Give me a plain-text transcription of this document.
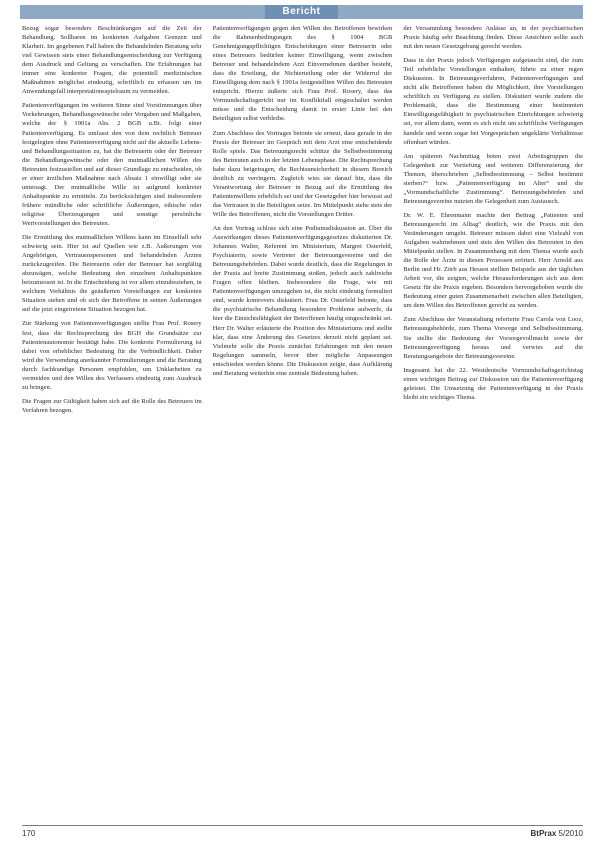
Bericht

Bezug sogar besonders Beschränkungen auf die Zeit der Behandlung. Sollbaren im konkreten Aufgaben Grenzen und Klarheit. Im gegebenen Fall haben die Behandelnden Beratung sehr viel Gewissen stets einer Behandlungsentscheidung zur Verfügung dem Ausdruck und Geltung zu verschaffen. Die Erfahrungen hat immer eine konkreter Fragen, die potentiell medizinischen Maßnahmen möglichst eindeutig, schriftlich zu erfassen um im Anwendungsfall interpretationsspielraum zu vermeiden.

Patientenverfügungen im weiteren Sinne sind Vorstimmungen über Vorkehrungen, Behandlungswünsche oder Vorgaben und Maßgaben, welche der § 1901a Abs. 2 BGB u.Bt. folgt einer Patientenverfügung. Es umfasst den von dem rechtlich Betreuer festgelegten ohne Patientenverfügung nicht auf die aktuelle Lebens- und Behandlungssituation zu, hat die Betreuerin oder der Betreuer die Behandlungswünsche oder den mutmaßlichen Willen des Betreuten festzustellen und auf dieser Grundlage zu entscheiden, ob er einer ärztlichen Maßnahme nach Absatz 1 einwilligt oder sie untersagt. Der mutmaßliche Wille ist aufgrund konkreter Anhaltspunkte zu ermitteln. Zu berücksichtigen sind insbesondere frühere mündliche oder schriftliche Äußerungen, ethische oder religiöse Überzeugungen und sonstige persönliche Wertvorstellungen des Betreuten.

Die Ermittlung des mutmaßlichen Willens kann im Einzelfall sehr schwierig sein. Hier ist auf Quellen wie z.B. Äußerungen von Angehörigen, Vertrauenspersonen und behandelnden Ärzten zurückzugreifen. Die Betreuerin oder der Betreuer hat sorgfältig abzuwägen, welche Bedeutung den einzelnen Anhaltspunkten beizumessen ist. In die Entscheidung ist vor allem einzubeziehen, in welchem Verhältnis die geäußerten Vorstellungen zur konkreten Situation stehen und ob sich der Betroffene in seinen Äußerungen auf die jetzt eingetretene Situation bezogen hat.

Zur Stärkung von Patientenverfügungen stellte Frau Prof. Rosery fest, dass die Rechtsprechung des BGH die Grundsätze zur Patientenautonomie bestätigt habe. Die konkrete Formulierung ist dabei von erheblicher Bedeutung für die Verbindlichkeit. Daher wird die Verwendung anerkannter Formulierungen und die Beratung durch fachkundige Personen empfohlen, um Unklarheiten zu vermeiden und den Willen des Verfassers eindeutig zum Ausdruck zu bringen.

Die Fragen zur Gültigkeit haben sich auf die Rolle des Betreuers im Verfahren bezogen.

Patientenverfügungen gegen den Willen des Betroffenen bewirken die Rahmenbedingungen des § 1904 BGB Genehmigungspflichtigen Entscheidungen einer Betreuerin oder eines Betreuers bedürfen keiner Einwilligung, wenn zwischen Betreuer und behandelndem Arzt Einvernehmen darüber besteht, dass die Erteilung, die Nichterteilung oder der Widerruf der Einwilligung dem nach § 1901a festgestellten Willen des Betreuten entspricht. Hierzu äußerte sich Frau Prof. Rosery, dass das Vormundschaftsgericht nur im Konfliktfall eingeschaltet werden müsse und die Entscheidung damit in erster Linie bei den Beteiligten selbst verbleibe.

Zum Abschluss des Vortrages betonte sie erneut, dass gerade in der Praxis der Betreuer im Gespräch mit dem Arzt eine entscheidende Rolle spiele. Das Betreuungsrecht schütze die Selbstbestimmung des Betreuten auch in der letzten Lebensphase. Die Rechtsprechung habe dazu beigetragen, die Rechtsunsicherheit in diesem Bereich deutlich zu verringern. Zugleich wies sie darauf hin, dass die Verantwortung der Betreuer in Bezug auf die Ermittlung des Patientenwillens erheblich sei und der Gesetzgeber hier bewusst auf das Vertrauen in die Beteiligten setze. Im Mittelpunkt stehe stets der Wille des Betroffenen, nicht die Vorstellungen Dritter.

An den Vortrag schloss sich eine Podiumsdiskussion an. Über die Auswirkungen dieses Patientenverfügungsgesetzes diskutierten Dr. Johannes Walter, Referent im Ministerium, Margret Osterfeld, Psychiaterin, sowie Vertreter der Betreuungsvereine und der Betreuungsbehörden. Dabei wurde deutlich, dass die Regelungen in der Praxis auf breite Zustimmung stoßen, jedoch auch zahlreiche Fragen offen bleiben. Insbesondere die Frage, wie mit Patientenverfügungen umzugehen ist, die nicht eindeutig formuliert sind, wurde kontrovers diskutiert. Frau Dr. Osterfeld betonte, dass die psychiatrische Behandlung besondere Probleme aufwerfe, da hier die Einsichtsfähigkeit der Betroffenen häufig eingeschränkt sei. Herr Dr. Walter erläuterte die Position des Ministeriums und stellte klar, dass eine Änderung des Gesetzes derzeit nicht geplant sei. Vielmehr solle die Praxis zunächst Erfahrungen mit den neuen Regelungen sammeln, bevor über mögliche Anpassungen entschieden werden könne. Die Diskussion zeigte, dass Aufklärung und Beratung weiterhin eine zentrale Bedeutung haben.

der Versammlung besondere Anlässe an, in der psychiatrischen Praxis häufig sehr Beachtung finden. Diese Ansichten sollte auch mit den neuen Gesetzgebung gerecht werden.

Dass in der Praxis jedoch Verfügungen aufgetaucht sind, die zum Teil erhebliche Vorstellungen enthalten, führte zu einer regen Diskussion. In Betreuungsverfahren, Patientenverfügungen und nicht alle Betroffenen haben die Möglichkeit, ihre Vorstellungen schriftlich zu Verfügung zu stellen. Diskutiert wurde zudem die Problematik, dass die Bestimmung einer bestimmten Einwilligungsfähigkeit in psychiatrischen Einrichtungen schwierig sei, vor allem dann, wenn es sich nicht um schriftliche Verfügungen handele und wenn sogar bei Vorgesprächen ungeklärte Verhältnisse offenbart würden.

Am späteren Nachmittag boten zwei Arbeitsgruppen die Gelegenheit zur Vertiefung und weiteren Differenzierung der Themen, überschrieben „Selbstbestimmung – Selbst bestimmt sterben?“ bzw. „Patientenverfügung im Alter“ und die „Vormundschaftliche Zustimmung“. Betreuungsbehörden und Betreuungsvereine nutzten die Gelegenheit zum Austausch.

Dr. W. E. Ehrenmann machte den Beitrag „Patienten und Betreuungsrecht im Alltag“ deutlich, wie die Praxis mit den Veränderungen umgeht. Betreuer müssen dabei eine Vielzahl von Aufgaben wahrnehmen und stets den Willen des Betreuten in den Mittelpunkt stellen. In Zusammenhang mit dem Thema wurde auch die Rolle der Ärzte in diesen Prozessen erörtert. Herr Arnold aus Berlin und Hr. Zörb aus Hessen stellten Beispiele aus der täglichen Arbeit vor, die zeigten, welche Herausforderungen sich aus dem Gesetz für die Praxis ergeben. Besonders hervorgehoben wurde die Bedeutung einer guten Zusammenarbeit zwischen allen Beteiligten, um dem Willen des Betroffenen gerecht zu werden.

Zum Abschluss der Veranstaltung referierte Frau Carola von Looz, Betreuungsbehörde, zum Thema Vorsorge und Selbstbestimmung. Sie stellte die Bedeutung der Vorsorgevollmacht sowie der Betreuungsverfügung heraus und verwies auf die Beratungsangebote der Betreuungsvereine.

Insgesamt hat die 22. Westdeutsche Vormundschaftsgerichtstag einen wichtigen Beitrag zur Diskussion um die Patientenverfügung geleistet. Die Umsetzung der Patientenverfügung in der Praxis bleibt ein wichtiges Thema.

170	BtPrax 5/2010
